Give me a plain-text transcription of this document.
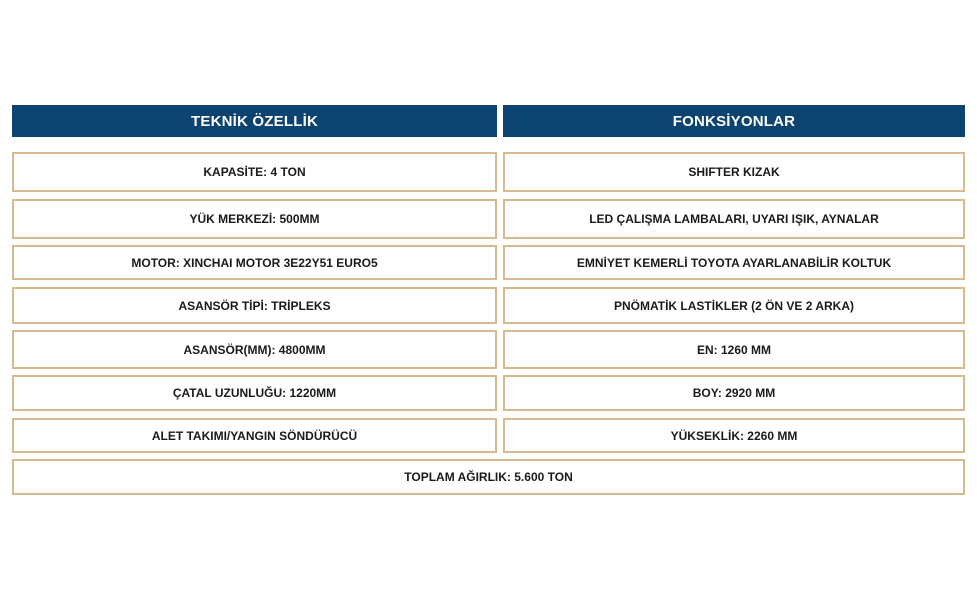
TEKNİK ÖZELLİK	FONKSİYONLAR
KAPASİTE: 4 TON
YÜK MERKEZİ: 500MM
MOTOR: XINCHAI MOTOR 3E22Y51 EURO5
ASANSÖR TİPİ: TRİPLEKS
ASANSÖR(MM): 4800MM
ÇATAL UZUNLUĞU: 1220MM
ALET TAKIMI/YANGIN SÖNDÜRÜCÜ
SHIFTER KIZAK
LED ÇALIŞMA LAMBALARI, UYARI IŞIK, AYNALAR
EMNİYET KEMERLİ TOYOTA AYARLANABİLİR KOLTUK
PNÖMATİK LASTİKLER (2 ÖN VE 2 ARKA)
EN: 1260 MM
BOY: 2920 MM
YÜKSEKLİK: 2260 MM
TOPLAM AĞIRLIK: 5.600 TON
